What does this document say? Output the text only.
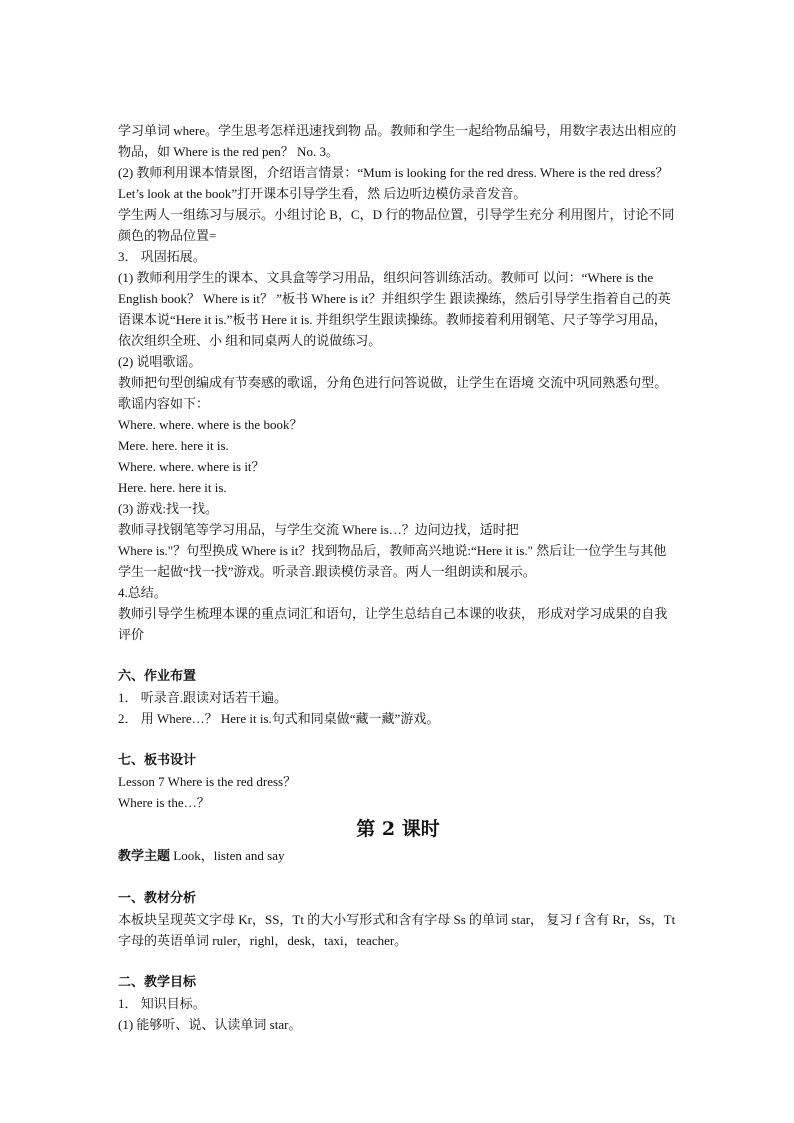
学习单词 where。学生思考怎样迅速找到物 品。教师和学生一起给物品编号，用数字表达出相应的物品，如 Where is the red pen？ No. 3。

(2) 教师利用课本情景图，介绍语言情景：“Mum is looking for the red dress. Where is the red dress？ Let’s look at the book”打开课本引导学生看，然 后边听边模仿录音发音。

学生两人一组练习与展示。小组讨论 B，C，D 行的物品位置，引导学生充分 利用图片，讨论不同颜色的物品位置=

3． 巩固拓展。

(1) 教师利用学生的课本、文具盒等学习用品，组织问答训练活动。教师可 以问：“Where is the English book？ Where is it？ ”板书 Where is it？并组织学生 跟读操练，然后引导学生指着自己的英语课本说“Here it is.”板书 Here it is. 并组织学生跟读操练。教师接着利用钢笔、尺子等学习用品，依次组织全班、小 组和同桌两人的说做练习。

(2) 说唱歌谣。

教师把句型创编成有节奏感的歌谣，分角色进行问答说做，让学生在语境 交流中巩同熟悉句型。歌谣内容如下：

Where. where. where is the book？

Mere. here. here it is.

Where. where. where is it？

Here. here. here it is.

(3) 游戏:找一找。

教师寻找钢笔等学习用品，与学生交流 Where is…？边问边找，适时把

Where is."？句型换成 Where is it？找到物品后，教师高兴地说:“Here it is." 然后让一位学生与其他学生一起做“找一找”游戏。听录音.跟读模仿录音。两人一组朗读和展示。

4.总结。

教师引导学生梳理本课的重点词汇和语句，让学生总结自己本课的收获， 形成对学习成果的自我评价

六、作业布置

1． 听录音.跟读对话若干遍。

2． 用 Where…？ Here it is.句式和同桌做“藏一藏”游戏。

七、板书设计

Lesson 7 Where is the red dress？

Where is the…？

第 2 课时

教学主题 Look，listen and say

一、教材分析

本板块呈现英文字母 Kr，SS，Tt 的大小写形式和含有字母 Ss 的单词 star， 复习 f 含有 Rr，Ss，Tt 字母的英语单词 ruler，righl，desk，taxi，teacher。

二、教学目标

1． 知识目标。

(1) 能够听、说、认读单词 star。
